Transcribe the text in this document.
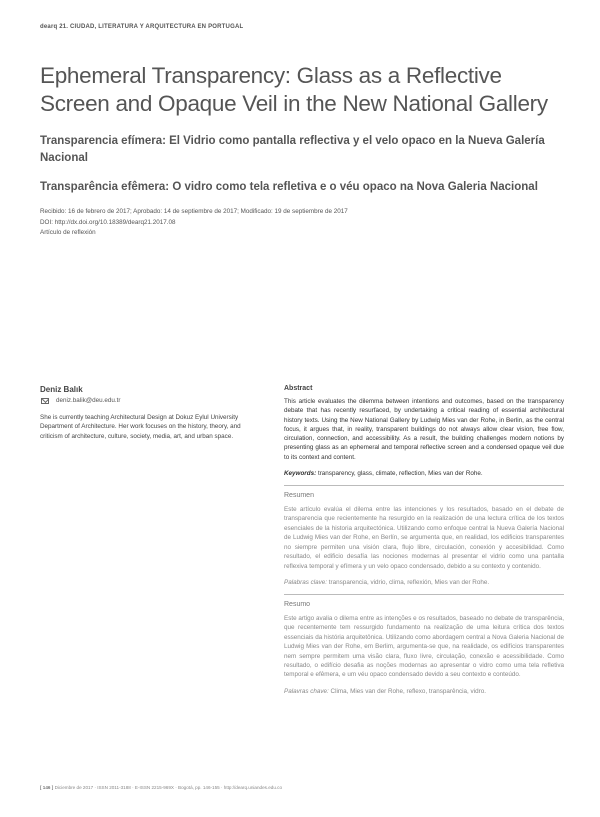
dearq 21. CIUDAD, LITERATURA Y ARQUITECTURA EN PORTUGAL
Ephemeral Transparency: Glass as a Reflective
Screen and Opaque Veil in the New National Gallery
Transparencia efímera: El Vidrio como pantalla reflectiva y el velo opaco en la Nueva Galería Nacional
Transparência efêmera: O vidro como tela refletiva e o véu opaco na Nova Galeria Nacional
Recibido: 16 de febrero de 2017; Aprobado: 14 de septiembre de 2017; Modificado: 19 de septiembre de 2017
DOI: http://dx.doi.org/10.18389/dearq21.2017.08
Artículo de reflexión
Deniz Balık
deniz.balik@deu.edu.tr
She is currently teaching Architectural Design at Dokuz Eylul University Department of Architecture. Her work focuses on the history, theory, and criticism of architecture, culture, society, media, art, and urban space.
Abstract
This article evaluates the dilemma between intentions and outcomes, based on the transparency debate that has recently resurfaced, by undertaking a critical reading of essential architectural history texts. Using the New National Gallery by Ludwig Mies van der Rohe, in Berlin, as the central focus, it argues that, in reality, transparent buildings do not always allow clear vision, free flow, circulation, connection, and accessibility. As a result, the building challenges modern notions by presenting glass as an ephemeral and temporal reflective screen and a condensed opaque veil due to its context and content.
Keywords: transparency, glass, climate, reflection, Mies van der Rohe.
Resumen
Este artículo evalúa el dilema entre las intenciones y los resultados, basado en el debate de transparencia que recientemente ha resurgido en la realización de una lectura crítica de los textos esenciales de la historia arquitectónica. Utilizando como enfoque central la Nueva Galería Nacional de Ludwig Mies van der Rohe, en Berlín, se argumenta que, en realidad, los edificios transparentes no siempre permiten una visión clara, flujo libre, circulación, conexión y accesibilidad. Como resultado, el edificio desafía las nociones modernas al presentar el vidrio como una pantalla reflexiva temporal y efímera y un velo opaco condensado, debido a su contexto y contenido.
Palabras clave: transparencia, vidrio, clima, reflexión, Mies van der Rohe.
Resumo
Este artigo avalia o dilema entre as intenções e os resultados, baseado no debate de transparência, que recentemente tem ressurgido fundamento na realização de uma leitura crítica dos textos essenciais da história arquitetônica. Utilizando como abordagem central a Nova Galeria Nacional de Ludwig Mies van der Rohe, em Berlim, argumenta-se que, na realidade, os edifícios transparentes nem sempre permitem uma visão clara, fluxo livre, circulação, conexão e acessibilidade. Como resultado, o edifício desafia as noções modernas ao apresentar o vidro como uma tela refletiva temporal e efêmera, e um véu opaco condensado devido a seu contexto e conteúdo.
Palavras chave: Clima, Mies van der Rohe, reflexo, transparência, vidro.
[ 146 ] Diciembre de 2017 · ISSN 2011-3188 · E-ISSN 2215-969X · Bogotá, pp. 146-155 · http://dearq.uniandes.edu.co
